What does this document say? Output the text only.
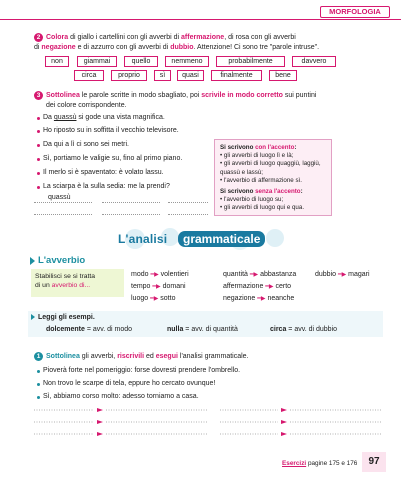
MORFOLOGIA
2 Colora di giallo i cartellini con gli avverbi di affermazione, di rosa con gli avverbi
di negazione e di azzurro con gli avverbi di dubbio. Attenzione! Ci sono tre "parole intruse".
non	giammai	quello	nemmeno	probabilmente	davvero
circa	proprio	sì	quasi	finalmente	bene
3 Sottolinea le parole scritte in modo sbagliato, poi scrivile in modo corretto sui puntini
dei colore corrispondente.
Da quassù si gode una vista magnifica.
Ho riposto su in soffitta il vecchio televisore.
Da qui a lì ci sono sei metri.
Sì, portiamo le valigie su, fino al primo piano.
Il merlo si è spaventato: è volato lassu.
La sciarpa è la sulla sedia: me la prendi?
quassù
Si scrivono con l'accento:
• gli avverbi di luogo lì e là;
• gli avverbi di luogo quaggiù, laggiù, quassù e lassù;
• l'avverbio di affermazione sì.
Si scrivono senza l'accento:
• l'avverbio di luogo su;
• gli avverbi di luogo qui e qua.
L'analisi	grammaticale
L'avverbio
Stabilisci se si tratta
di un avverbio di...
modo ━▶ volentieri	quantità ━▶ abbastanza	dubbio ━▶ magari
tempo ━▶ domani	affermazione ━▶ certo
luogo ━▶ sotto	negazione ━▶ neanche
Leggi gli esempi.
dolcemente = avv. di modo	nulla = avv. di quantità	circa = avv. di dubbio
1 Sottolinea gli avverbi, riscrivili ed esegui l'analisi grammaticale.
Pioverà forte nel pomeriggio: forse dovresti prendere l'ombrello.
Non trovo le scarpe di tela, eppure ho cercato ovunque!
Sì, abbiamo corso molto: adesso torniamo a casa.
Esercizi pagine 175 e 176	97
